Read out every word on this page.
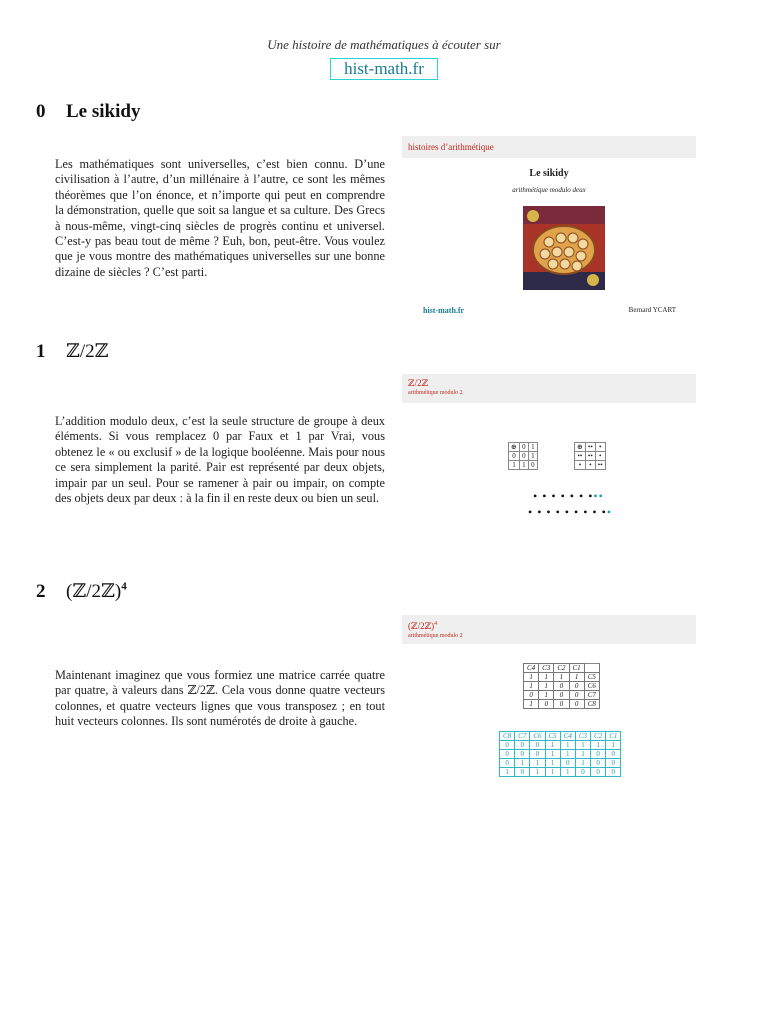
Une histoire de mathématiques à écouter sur
hist-math.fr
0 Le sikidy

Les mathématiques sont universelles, c’est bien connu. D’une civilisation à l’autre, d’un millénaire à l’autre, ce sont les mêmes théorèmes que l’on énonce, et n’importe qui peut en comprendre la démonstration, quelle que soit sa langue et sa culture. Des Grecs à nous-même, vingt-cinq siècles de progrès continu et universel. C’est-y pas beau tout de même ? Euh, bon, peut-être. Vous voulez que je vous montre des mathématiques universelles sur une bonne dizaine de siècles ? C’est parti.

histoires d’arithmétique
Le sikidy
arithmétique modulo deux
hist-math.fr	Bernard YCART
1 ℤ/2ℤ

L’addition modulo deux, c’est la seule structure de groupe à deux éléments. Si vous remplacez 0 par Faux et 1 par Vrai, vous obtenez le « ou exclusif » de la logique booléenne. Mais pour nous ce sera simplement la parité. Pair est représenté par deux objets, impair par un seul. Pour se ramener à pair ou impair, on compte des objets deux par deux : à la fin il en reste deux ou bien un seul.

ℤ/2ℤ
arithmétique modulo 2
⊕	0	1
0	0	1
1	1	0
⊕	••	•
••	••	•
•	•	••
• • • • • • •••
• • • • • • • • ••
2 (ℤ/2ℤ)$^4$

Maintenant imaginez que vous formiez une matrice carrée quatre par quatre, à valeurs dans ℤ/2ℤ. Cela vous donne quatre vecteurs colonnes, et quatre vecteurs lignes que vous transposez ; en tout huit vecteurs colonnes. Ils sont numérotés de droite à gauche.

(ℤ/2ℤ)$^4$
arithmétique modulo 2
C4	C3	C2	C1	
1	1	1	1	C5
1	1	0	0	C6
0	1	0	0	C7
1	0	0	0	C8
C8	C7	C6	C5	C4	C3	C2	C1
0	0	0	1	1	1	1	1
0	0	0	1	1	1	0	0
0	1	1	1	0	1	0	0
1	0	1	1	1	0	0	0
